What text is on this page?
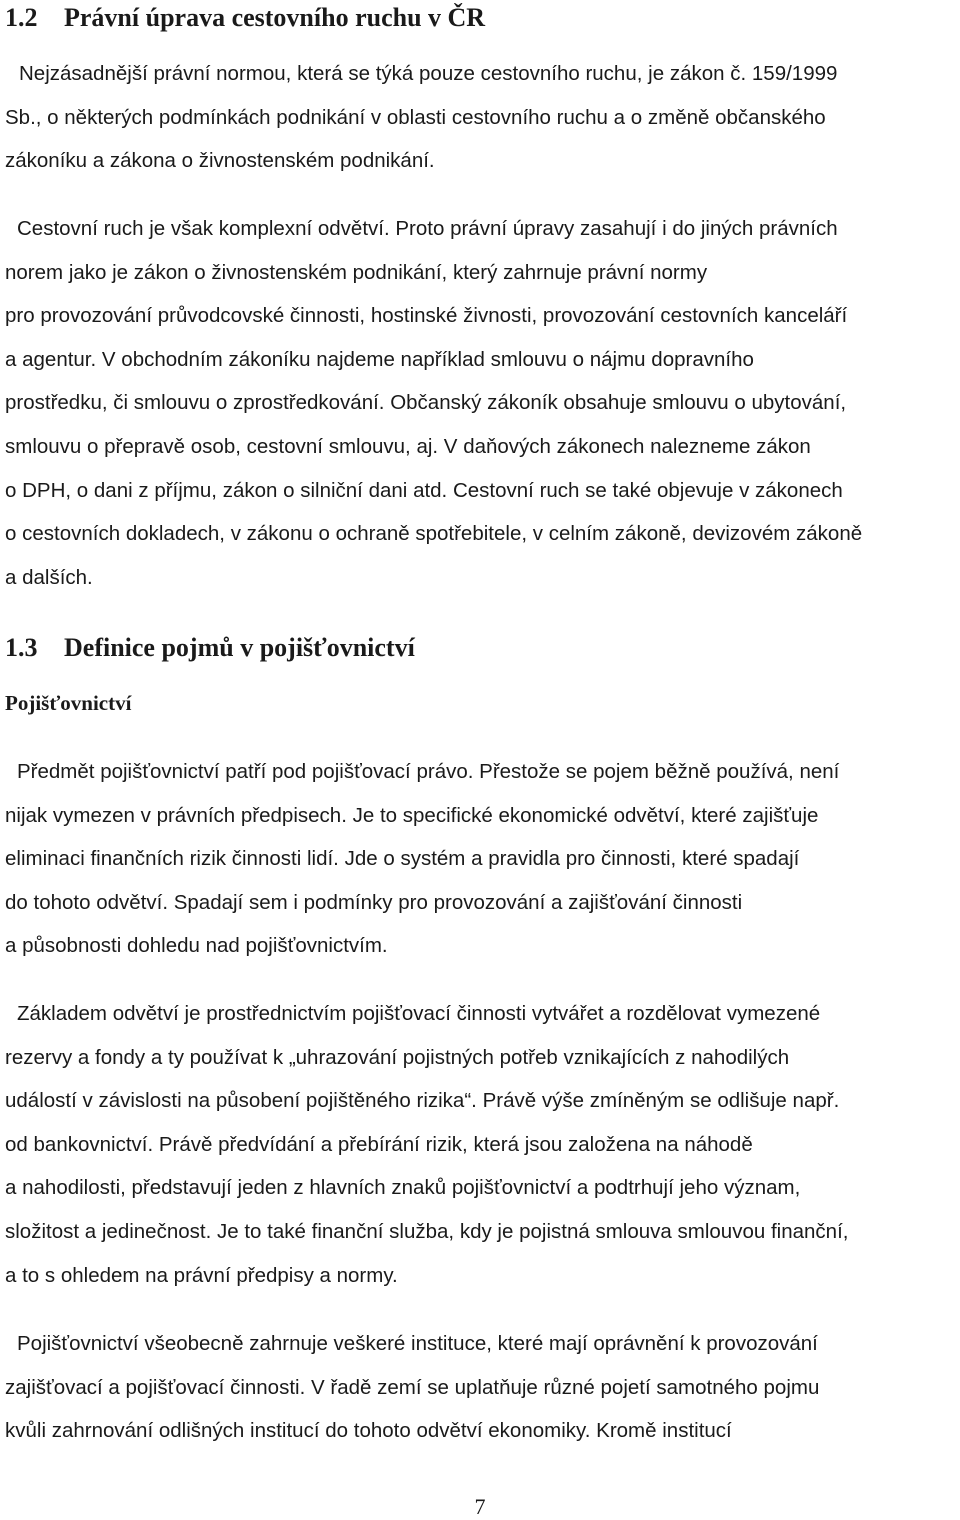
1.2 Právní úprava cestovního ruchu v ČR
Nejzásadnější právní normou, která se týká pouze cestovního ruchu, je zákon č. 159/1999
Sb., o některých podmínkách podnikání v oblasti cestovního ruchu a o změně občanského
zákoníku a zákona o živnostenském podnikání.
Cestovní ruch je však komplexní odvětví. Proto právní úpravy zasahují i do jiných právních
norem jako je zákon o živnostenském podnikání, který zahrnuje právní normy
pro provozování průvodcovské činnosti, hostinské živnosti, provozování cestovních kanceláří
a agentur. V obchodním zákoníku najdeme například smlouvu o nájmu dopravního
prostředku, či smlouvu o zprostředkování. Občanský zákoník obsahuje smlouvu o ubytování,
smlouvu o přepravě osob, cestovní smlouvu, aj. V daňových zákonech nalezneme zákon
o DPH, o dani z příjmu, zákon o silniční dani atd. Cestovní ruch se také objevuje v zákonech
o cestovních dokladech, v zákonu o ochraně spotřebitele, v celním zákoně, devizovém zákoně
a dalších.
1.3 Definice pojmů v pojišťovnictví
Pojišťovnictví
Předmět pojišťovnictví patří pod pojišťovací právo. Přestože se pojem běžně používá, není
nijak vymezen v právních předpisech. Je to specifické ekonomické odvětví, které zajišťuje
eliminaci finančních rizik činnosti lidí. Jde o systém a pravidla pro činnosti, které spadají
do tohoto odvětví. Spadají sem i podmínky pro provozování a zajišťování činnosti
a působnosti dohledu nad pojišťovnictvím.
Základem odvětví je prostřednictvím pojišťovací činnosti vytvářet a rozdělovat vymezené
rezervy a fondy a ty používat k „uhrazování pojistných potřeb vznikajících z nahodilých
událostí v závislosti na působení pojištěného rizika“. Právě výše zmíněným se odlišuje např.
od bankovnictví. Právě předvídání a přebírání rizik, která jsou založena na náhodě
a nahodilosti, představují jeden z hlavních znaků pojišťovnictví a podtrhují jeho význam,
složitost a jedinečnost. Je to také finanční služba, kdy je pojistná smlouva smlouvou finanční,
a to s ohledem na právní předpisy a normy.
Pojišťovnictví všeobecně zahrnuje veškeré instituce, které mají oprávnění k provozování
zajišťovací a pojišťovací činnosti. V řadě zemí se uplatňuje různé pojetí samotného pojmu
kvůli zahrnování odlišných institucí do tohoto odvětví ekonomiky. Kromě institucí
7
